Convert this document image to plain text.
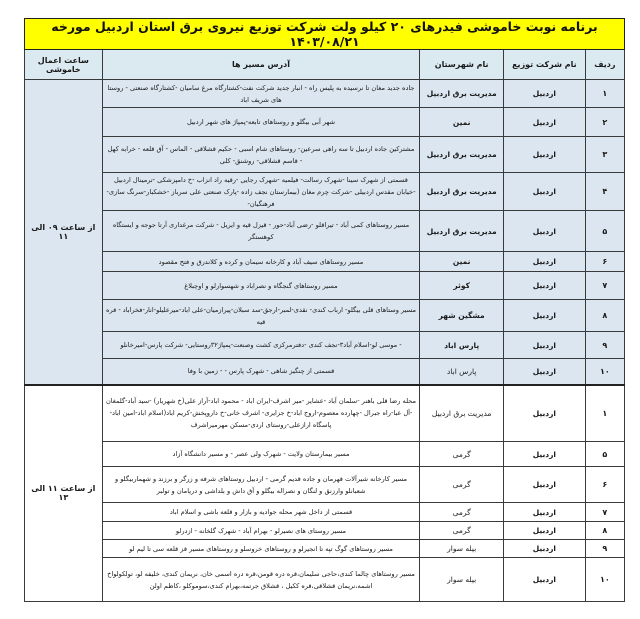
برنامه نوبت خاموشی فیدرهای ۲۰ کیلو ولت شرکت توزیع نیروی برق استان اردبیل مورخه ۱۴۰۳/۰۸/۲۱				
ردیف	نام شرکت توزیع	نام شهرستان	آدرس مسیر ها	ساعت اعمال خاموشی
۱	اردبیل	مدیریت برق اردبیل	جاده جدید مغان تا نرسیده به پلیس راه - انبار جدید شرکت نفت-کشتارگاه مرغ سامیان -کشتارگاه صنعتی - روستا های شریف اباد	از ساعت ۰۹ الی ۱۱
۲	اردبیل	نمین	شهر آبی بیگلو و روستاهای تابعه-پمپاژ های شهر اردبیل	
۳	اردبیل	مدیریت برق اردبیل	مشترکین جاده اردبیل تا سه راهی سرعین- روستاهای شام اسبی - حکیم قشلاقی - الماس - آق قلعه - خرابه کهل - قاسم قشلاقی- روشنق- کلی	
۴	اردبیل	مدیریت برق اردبیل	قسمتی از شهرک سینا -شهرک رسالت- فیلمیه -شهرک رجایی -رقیه راد انزاب -خ دامپزشکی -ترمینال اردبیل -خیابان مقدس اردبیلی -شرکت چرم مغان (بیمارستان نجف زاده -پارک صنعتی علی سرباز -خشکبار-سرنگ سازی-فرهنگیان-	
۵	اردبیل	مدیریت برق اردبیل	مسیر روستاهای کمی آباد - تیراقلو -رضی آباد-حور - قیزل قیه و ایریل - شرکت مرغداری آرتا جوجه و ایستگاه کوهستگر	
۶	اردبیل	نمین	مسیر روستاهای سیف آباد و کارخانه سیمان و کرده و کلاندرق و فتح مقصود	
۷	اردبیل	کوثر	مسیر روستاهای گنجگاه و نصراباد و شهسوارلو و اوچبلاغ	
۸	اردبیل	مشگین شهر	مسیر وستاهای قلی بیگلو- ارباب کندی- نقدی-لمبر-ارجق-سد سبلان-پیرازمیان-علی اباد-میرعلیلو-انار-فخراباد - قره قیه	
۹	اردبیل	پارس اباد	- موسی لو-اسلام آباد۳-نجف کندی -دفترمرکزی کشت وصنعت-پمپاژ۳۲روستایی- شرکت پارس-امیرخانلو	
۱۰	اردبیل	پارس اباد	قسمتی از چنگیز شاهی - شهرک پارس - - زمین با وفا	
۱	اردبیل	مدیریت برق اردبیل	محله رضا قلی باهنر -سلمان آباد -عشایر -میر اشرف-ایران اباد - محمود اباد-آراز علی(خ شهریار) -سید آباد-گلمغان -آل عبا-راه جبرال -چهارده معصوم-اروج اباد-خ جزایری- اشرف خانی-خ داروپخش-کریم اباد(اسلام اباد-امین اباد-پاسگاه ارازعلی-روستای اردی-مسکن مهرمیراشرف	از ساعت ۱۱ الی ۱۳
۵	اردبیل	گرمی	مسیر بیمارستان ولایت - شهرک ولی عصر - و مسیر دانشگاه آزاد	
۶	اردبیل	گرمی	مسیر کارخانه شیرآلات قهرمان و جاده قدیم گرمی - اردبیل روستاهای شرفه و زرگر و برزند و شهماربیگلو و شعبانلو وارزنق و لنگان و نصراله بیگلو و آق داش و بلداشی و دریامان و تولبر	
۷	اردبیل	گرمی	قسمتی از داخل شهر محله جوادیه و بازار و قلعه باشی و اسلام اباد	
۸	اردبیل	گرمی	مسیر روستای های نصیرلو - بهرام آباد - شهرک گلخانه - ازدرلو	
۹	اردبیل	بیله سوار	مسیر روستاهای گوگ تپه تا انجیرلو و روستاهای خروسلو و روستاهای مسیر قز قلعه سی تا لیم لو	
۱۰	اردبیل	بیله سوار	مسیر روستاهای چالما کندی،حاجی سلیمان،قره دره قومن،قره دره اسمی خان، نریمان کندی، خلیفه لو، تولکولواخ اشمه،نریمان قشلاقی،قره ککیل ، قشلاق جرتمه،بهرام کندی،سوموکلو ،کاظم اولن	
